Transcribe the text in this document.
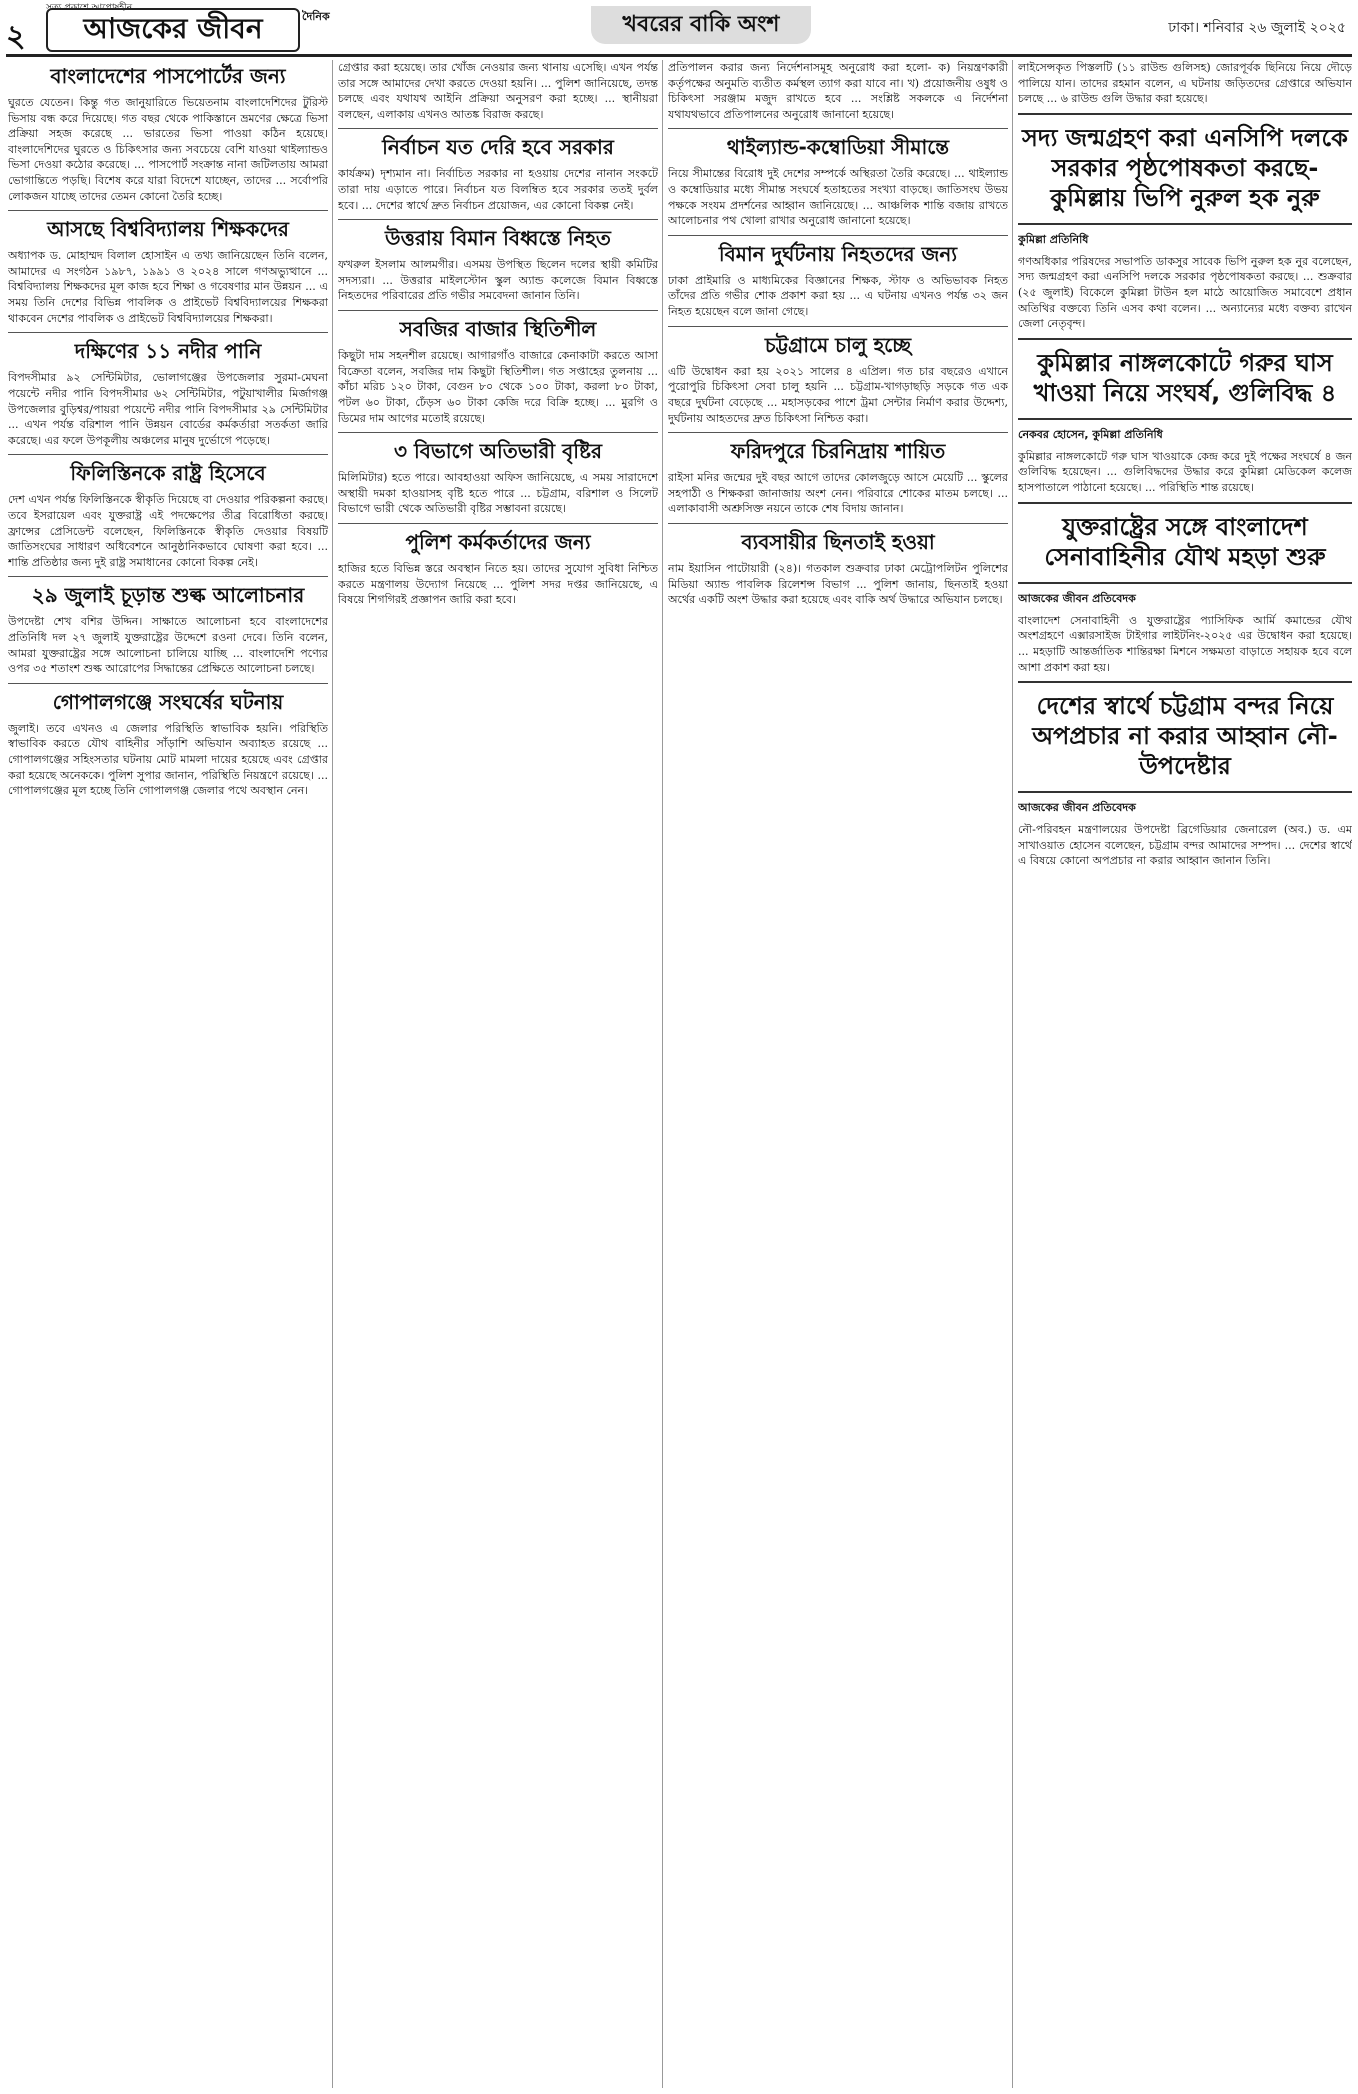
২
সত্য প্রকাশে আপোষহীন
আজকের জীবন	দৈনিক	খবরের বাকি অংশ	ঢাকা। শনিবার ২৬ জুলাই ২০২৫
বাংলাদেশের পাসপোর্টের জন্য

ঘুরতে যেতেন। কিন্তু গত জানুয়ারিতে ভিয়েতনাম বাংলাদেশিদের টুরিস্ট ভিসায় বন্ধ করে দিয়েছে। গত বছর থেকে পাকিস্তানে ভ্রমণের ক্ষেত্রে ভিসা প্রক্রিয়া সহজ করেছে ... ভারতের ভিসা পাওয়া কঠিন হয়েছে। বাংলাদেশিদের ঘুরতে ও চিকিৎসার জন্য সবচেয়ে বেশি যাওয়া থাইল্যান্ডও ভিসা দেওয়া কঠোর করেছে। ... পাসপোর্ট সংক্রান্ত নানা জটিলতায় আমরা ভোগান্তিতে পড়ছি। বিশেষ করে যারা বিদেশে যাচ্ছেন, তাদের ... সর্বোপরি লোকজন যাচ্ছে তাদের তেমন কোনো তৈরি হচ্ছে।

আসছে বিশ্ববিদ্যালয় শিক্ষকদের

অধ্যাপক ড. মোহাম্মদ বিলাল হোসাইন এ তথ্য জানিয়েছেন তিনি বলেন, আমাদের এ সংগঠন ১৯৮৭, ১৯৯১ ও ২০২৪ সালে গণঅভ্যুত্থানে ... বিশ্ববিদ্যালয় শিক্ষকদের মূল কাজ হবে শিক্ষা ও গবেষণার মান উন্নয়ন ... এ সময় তিনি দেশের বিভিন্ন পাবলিক ও প্রাইভেট বিশ্ববিদ্যালয়ের শিক্ষকরা থাকবেন দেশের পাবলিক ও প্রাইভেট বিশ্ববিদ্যালয়ের শিক্ষকরা।

দক্ষিণের ১১ নদীর পানি

বিপদসীমার ৯২ সেন্টিমিটার, ভোলাগঞ্জের উপজেলার সুরমা-মেঘনা পয়েন্টে নদীর পানি বিপদসীমার ৬২ সেন্টিমিটার, পটুয়াখালীর মির্জাগঞ্জ উপজেলার বুড়িশ্বর/পায়রা পয়েন্টে নদীর পানি বিপদসীমার ২৯ সেন্টিমিটার ... এখন পর্যন্ত বরিশাল পানি উন্নয়ন বোর্ডের কর্মকর্তারা সতর্কতা জারি করেছে। এর ফলে উপকূলীয় অঞ্চলের মানুষ দুর্ভোগে পড়েছে।

ফিলিস্তিনকে রাষ্ট্র হিসেবে

দেশ এখন পর্যন্ত ফিলিস্তিনকে স্বীকৃতি দিয়েছে বা দেওয়ার পরিকল্পনা করছে। তবে ইসরায়েল এবং যুক্তরাষ্ট্র এই পদক্ষেপের তীব্র বিরোধিতা করছে। ফ্রান্সের প্রেসিডেন্ট বলেছেন, ফিলিস্তিনকে স্বীকৃতি দেওয়ার বিষয়টি জাতিসংঘের সাধারণ অধিবেশনে আনুষ্ঠানিকভাবে ঘোষণা করা হবে। ... শান্তি প্রতিষ্ঠার জন্য দুই রাষ্ট্র সমাধানের কোনো বিকল্প নেই।

২৯ জুলাই চূড়ান্ত শুল্ক আলোচনার

উপদেষ্টা শেখ বশির উদ্দিন। সাক্ষাতে আলোচনা হবে বাংলাদেশের প্রতিনিধি দল ২৭ জুলাই যুক্তরাষ্ট্রের উদ্দেশে রওনা দেবে। তিনি বলেন, আমরা যুক্তরাষ্ট্রের সঙ্গে আলোচনা চালিয়ে যাচ্ছি ... বাংলাদেশি পণ্যের ওপর ৩৫ শতাংশ শুল্ক আরোপের সিদ্ধান্তের প্রেক্ষিতে আলোচনা চলছে।

গোপালগঞ্জে সংঘর্ষের ঘটনায়

জুলাই। তবে এখনও এ জেলার পরিস্থিতি স্বাভাবিক হয়নি। পরিস্থিতি স্বাভাবিক করতে যৌথ বাহিনীর সাঁড়াশি অভিযান অব্যাহত রয়েছে ... গোপালগঞ্জের সহিংসতার ঘটনায় মোট মামলা দায়ের হয়েছে এবং গ্রেপ্তার করা হয়েছে অনেককে। পুলিশ সুপার জানান, পরিস্থিতি নিয়ন্ত্রণে রয়েছে। ... গোপালগঞ্জের মূল হচ্ছে তিনি গোপালগঞ্জ জেলার পথে অবস্থান নেন।

গ্রেপ্তার করা হয়েছে। তার খোঁজ নেওয়ার জন্য থানায় এসেছি। এখন পর্যন্ত তার সঙ্গে আমাদের দেখা করতে দেওয়া হয়নি। ... পুলিশ জানিয়েছে, তদন্ত চলছে এবং যথাযথ আইনি প্রক্রিয়া অনুসরণ করা হচ্ছে। ... স্থানীয়রা বলছেন, এলাকায় এখনও আতঙ্ক বিরাজ করছে।

নির্বাচন যত দেরি হবে সরকার

কার্যক্রম) দৃশ্যমান না। নির্বাচিত সরকার না হওয়ায় দেশের নানান সংকটে তারা দায় এড়াতে পারে। নির্বাচন যত বিলম্বিত হবে সরকার ততই দুর্বল হবে। ... দেশের স্বার্থে দ্রুত নির্বাচন প্রয়োজন, এর কোনো বিকল্প নেই।

উত্তরায় বিমান বিধ্বস্তে নিহত

ফখরুল ইসলাম আলমগীর। এসময় উপস্থিত ছিলেন দলের স্থায়ী কমিটির সদস্যরা। ... উত্তরার মাইলস্টোন স্কুল অ্যান্ড কলেজে বিমান বিধ্বস্তে নিহতদের পরিবারের প্রতি গভীর সমবেদনা জানান তিনি।

সবজির বাজার স্থিতিশীল

কিছুটা দাম সহনশীল রয়েছে। আগারগাঁও বাজারে কেনাকাটা করতে আসা বিক্রেতা বলেন, সবজির দাম কিছুটা স্থিতিশীল। গত সপ্তাহের তুলনায় ... কাঁচা মরিচ ১২০ টাকা, বেগুন ৮০ থেকে ১০০ টাকা, করলা ৮০ টাকা, পটল ৬০ টাকা, ঢেঁড়স ৬০ টাকা কেজি দরে বিক্রি হচ্ছে। ... মুরগি ও ডিমের দাম আগের মতোই রয়েছে।

৩ বিভাগে অতিভারী বৃষ্টির

মিলিমিটার) হতে পারে। আবহাওয়া অফিস জানিয়েছে, এ সময় সারাদেশে অস্থায়ী দমকা হাওয়াসহ বৃষ্টি হতে পারে ... চট্টগ্রাম, বরিশাল ও সিলেট বিভাগে ভারী থেকে অতিভারী বৃষ্টির সম্ভাবনা রয়েছে।

পুলিশ কর্মকর্তাদের জন্য

হাজির হতে বিভিন্ন স্তরে অবস্থান নিতে হয়। তাদের সুযোগ সুবিধা নিশ্চিত করতে মন্ত্রণালয় উদ্যোগ নিয়েছে ... পুলিশ সদর দপ্তর জানিয়েছে, এ বিষয়ে শিগগিরই প্রজ্ঞাপন জারি করা হবে।

প্রতিপালন করার জন্য নির্দেশনাসমূহ অনুরোধ করা হলো- ক) নিয়ন্ত্রণকারী কর্তৃপক্ষের অনুমতি ব্যতীত কর্মস্থল ত্যাগ করা যাবে না। খ) প্রয়োজনীয় ওষুধ ও চিকিৎসা সরঞ্জাম মজুদ রাখতে হবে ... সংশ্লিষ্ট সকলকে এ নির্দেশনা যথাযথভাবে প্রতিপালনের অনুরোধ জানানো হয়েছে।

থাইল্যান্ড-কম্বোডিয়া সীমান্তে

নিয়ে সীমান্তের বিরোধ দুই দেশের সম্পর্কে অস্থিরতা তৈরি করেছে। ... থাইল্যান্ড ও কম্বোডিয়ার মধ্যে সীমান্ত সংঘর্ষে হতাহতের সংখ্যা বাড়ছে। জাতিসংঘ উভয় পক্ষকে সংযম প্রদর্শনের আহ্বান জানিয়েছে। ... আঞ্চলিক শান্তি বজায় রাখতে আলোচনার পথ খোলা রাখার অনুরোধ জানানো হয়েছে।

বিমান দুর্ঘটনায় নিহতদের জন্য

ঢাকা প্রাইমারি ও মাধ্যমিকের বিজ্ঞানের শিক্ষক, স্টাফ ও অভিভাবক নিহত তাঁদের প্রতি গভীর শোক প্রকাশ করা হয় ... এ ঘটনায় এখনও পর্যন্ত ৩২ জন নিহত হয়েছেন বলে জানা গেছে।

চট্টগ্রামে চালু হচ্ছে

এটি উদ্বোধন করা হয় ২০২১ সালের ৪ এপ্রিল। গত চার বছরেও এখানে পুরোপুরি চিকিৎসা সেবা চালু হয়নি ... চট্টগ্রাম-খাগড়াছড়ি সড়কে গত এক বছরে দুর্ঘটনা বেড়েছে ... মহাসড়কের পাশে ট্রমা সেন্টার নির্মাণ করার উদ্দেশ্য, দুর্ঘটনায় আহতদের দ্রুত চিকিৎসা নিশ্চিত করা।

ফরিদপুরে চিরনিদ্রায় শায়িত

রাইসা মনির জন্মের দুই বছর আগে তাদের কোলজুড়ে আসে মেয়েটি ... স্কুলের সহপাঠী ও শিক্ষকরা জানাজায় অংশ নেন। পরিবারে শোকের মাতম চলছে। ... এলাকাবাসী অশ্রুসিক্ত নয়নে তাকে শেষ বিদায় জানান।

ব্যবসায়ীর ছিনতাই হওয়া

নাম ইয়াসিন পাটোয়ারী (২৪)। গতকাল শুক্রবার ঢাকা মেট্রোপলিটন পুলিশের মিডিয়া অ্যান্ড পাবলিক রিলেশন্স বিভাগ ... পুলিশ জানায়, ছিনতাই হওয়া অর্থের একটি অংশ উদ্ধার করা হয়েছে এবং বাকি অর্থ উদ্ধারে অভিযান চলছে।

লাইসেন্সকৃত পিস্তলটি (১১ রাউন্ড গুলিসহ) জোরপূর্বক ছিনিয়ে নিয়ে দৌড়ে পালিয়ে যান। তাদের রহমান বলেন, এ ঘটনায় জড়িতদের গ্রেপ্তারে অভিযান চলছে ... ৬ রাউন্ড গুলি উদ্ধার করা হয়েছে।

সদ্য জন্মগ্রহণ করা এনসিপি দলকে সরকার পৃষ্ঠপোষকতা করছে- কুমিল্লায় ভিপি নুরুল হক নুরু
কুমিল্লা প্রতিনিধি

গণঅধিকার পরিষদের সভাপতি ডাকসুর সাবেক ভিপি নুরুল হক নুর বলেছেন, সদ্য জন্মগ্রহণ করা এনসিপি দলকে সরকার পৃষ্ঠপোষকতা করছে। ... শুক্রবার (২৫ জুলাই) বিকেলে কুমিল্লা টাউন হল মাঠে আয়োজিত সমাবেশে প্রধান অতিথির বক্তব্যে তিনি এসব কথা বলেন। ... অন্যান্যের মধ্যে বক্তব্য রাখেন জেলা নেতৃবৃন্দ।

কুমিল্লার নাঙ্গলকোটে গরুর ঘাস খাওয়া নিয়ে সংঘর্ষ, গুলিবিদ্ধ ৪
নেকবর হোসেন, কুমিল্লা প্রতিনিধি

কুমিল্লার নাঙ্গলকোটে গরু ঘাস খাওয়াকে কেন্দ্র করে দুই পক্ষের সংঘর্ষে ৪ জন গুলিবিদ্ধ হয়েছেন। ... গুলিবিদ্ধদের উদ্ধার করে কুমিল্লা মেডিকেল কলেজ হাসপাতালে পাঠানো হয়েছে। ... পরিস্থিতি শান্ত রয়েছে।

যুক্তরাষ্ট্রের সঙ্গে বাংলাদেশ সেনাবাহিনীর যৌথ মহড়া শুরু
আজকের জীবন প্রতিবেদক

বাংলাদেশ সেনাবাহিনী ও যুক্তরাষ্ট্রের প্যাসিফিক আর্মি কমান্ডের যৌথ অংশগ্রহণে এক্সারসাইজ টাইগার লাইটনিং-২০২৫ এর উদ্বোধন করা হয়েছে। ... মহড়াটি আন্তর্জাতিক শান্তিরক্ষা মিশনে সক্ষমতা বাড়াতে সহায়ক হবে বলে আশা প্রকাশ করা হয়।

দেশের স্বার্থে চট্টগ্রাম বন্দর নিয়ে অপপ্রচার না করার আহ্বান নৌ-উপদেষ্টার
আজকের জীবন প্রতিবেদক

নৌ-পরিবহন মন্ত্রণালয়ের উপদেষ্টা ব্রিগেডিয়ার জেনারেল (অব.) ড. এম সাখাওয়াত হোসেন বলেছেন, চট্টগ্রাম বন্দর আমাদের সম্পদ। ... দেশের স্বার্থে এ বিষয়ে কোনো অপপ্রচার না করার আহ্বান জানান তিনি।
